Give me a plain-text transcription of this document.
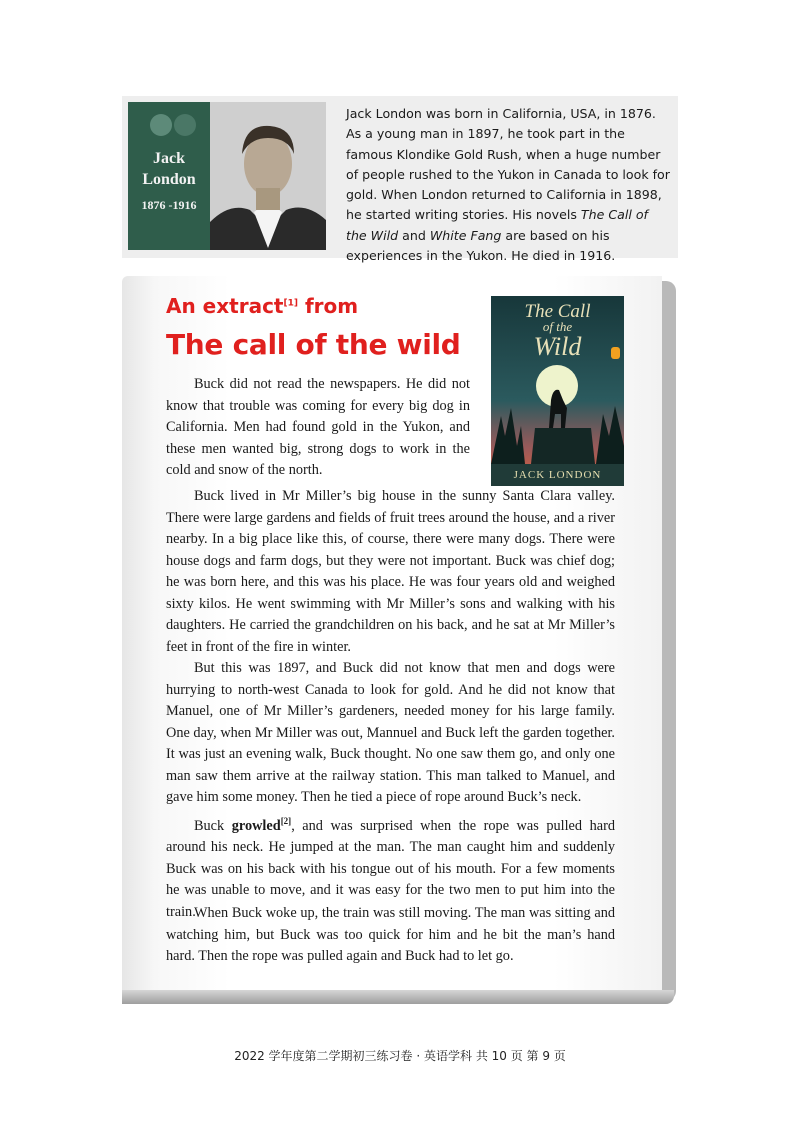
Jack London
1876 -1916
Jack London was born in California, USA, in 1876. As a young man in 1897, he took part in the famous Klondike Gold Rush, when a huge number of people rushed to the Yukon in Canada to look for gold. When London returned to California in 1898, he started writing stories. His novels The Call of the Wild and White Fang are based on his experiences in the Yukon. He died in 1916.
An extract[1] from
The call of the wild
The Call
of the
Wild
JACK LONDON

Buck did not read the newspapers. He did not know that trouble was coming for every big dog in California. Men had found gold in the Yukon, and these men wanted big, strong dogs to work in the cold and snow of the north.

Buck lived in Mr Miller’s big house in the sunny Santa Clara valley. There were large gardens and fields of fruit trees around the house, and a river nearby. In a big place like this, of course, there were many dogs. There were house dogs and farm dogs, but they were not important. Buck was chief dog; he was born here, and this was his place. He was four years old and weighed sixty kilos. He went swimming with Mr Miller’s sons and walking with his daughters. He carried the grandchildren on his back, and he sat at Mr Miller’s feet in front of the fire in winter.

But this was 1897, and Buck did not know that men and dogs were hurrying to north-west Canada to look for gold. And he did not know that Manuel, one of Mr Miller’s gardeners, needed money for his large family. One day, when Mr Miller was out, Mannuel and Buck left the garden together. It was just an evening walk, Buck thought. No one saw them go, and only one man saw them arrive at the railway station. This man talked to Manuel, and gave him some money. Then he tied a piece of rope around Buck’s neck.

Buck growled[2], and was surprised when the rope was pulled hard around his neck. He jumped at the man. The man caught him and suddenly Buck was on his back with his tongue out of his mouth. For a few moments he was unable to move, and it was easy for the two men to put him into the train.

When Buck woke up, the train was still moving. The man was sitting and watching him, but Buck was too quick for him and he bit the man’s hand hard. Then the rope was pulled again and Buck had to let go.

2022 学年度第二学期初三练习卷 · 英语学科 共 10 页 第 9 页
